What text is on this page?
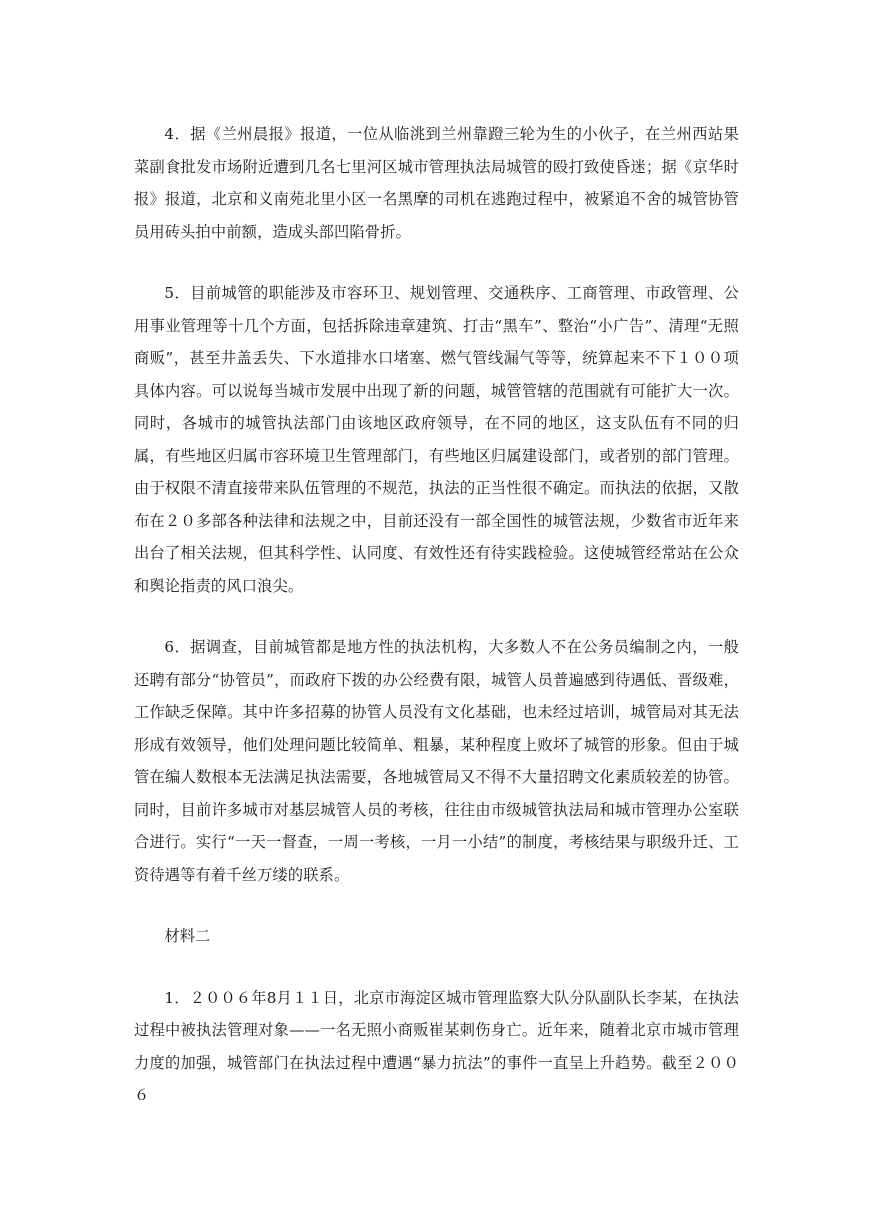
4．据《兰州晨报》报道，一位从临洮到兰州靠蹬三轮为生的小伙子，在兰州西站果菜副食批发市场附近遭到几名七里河区城市管理执法局城管的殴打致使昏迷；据《京华时报》报道，北京和义南苑北里小区一名黑摩的司机在逃跑过程中，被紧追不舍的城管协管员用砖头拍中前额，造成头部凹陷骨折。

5．目前城管的职能涉及市容环卫、规划管理、交通秩序、工商管理、市政管理、公用事业管理等十几个方面，包括拆除违章建筑、打击“黑车”、整治“小广告”、清理“无照商贩”，甚至井盖丢失、下水道排水口堵塞、燃气管线漏气等等，统算起来不下１００项具体内容。可以说每当城市发展中出现了新的问题，城管管辖的范围就有可能扩大一次。同时，各城市的城管执法部门由该地区政府领导，在不同的地区，这支队伍有不同的归属，有些地区归属市容环境卫生管理部门，有些地区归属建设部门，或者别的部门管理。由于权限不清直接带来队伍管理的不规范，执法的正当性很不确定。而执法的依据，又散布在２０多部各种法律和法规之中，目前还没有一部全国性的城管法规，少数省市近年来出台了相关法规，但其科学性、认同度、有效性还有待实践检验。这使城管经常站在公众和舆论指责的风口浪尖。

6．据调查，目前城管都是地方性的执法机构，大多数人不在公务员编制之内，一般还聘有部分“协管员”，而政府下拨的办公经费有限，城管人员普遍感到待遇低、晋级难，工作缺乏保障。其中许多招募的协管人员没有文化基础，也未经过培训，城管局对其无法形成有效领导，他们处理问题比较简单、粗暴，某种程度上败坏了城管的形象。但由于城管在编人数根本无法满足执法需要，各地城管局又不得不大量招聘文化素质较差的协管。同时，目前许多城市对基层城管人员的考核，往往由市级城管执法局和城市管理办公室联合进行。实行“一天一督查，一周一考核，一月一小结”的制度，考核结果与职级升迁、工资待遇等有着千丝万缕的联系。

材料二

1．２００６年8月１１日，北京市海淀区城市管理监察大队分队副队长李某，在执法过程中被执法管理对象——一名无照小商贩崔某刺伤身亡。近年来，随着北京市城市管理力度的加强，城管部门在执法过程中遭遇“暴力抗法”的事件一直呈上升趋势。截至２００６
